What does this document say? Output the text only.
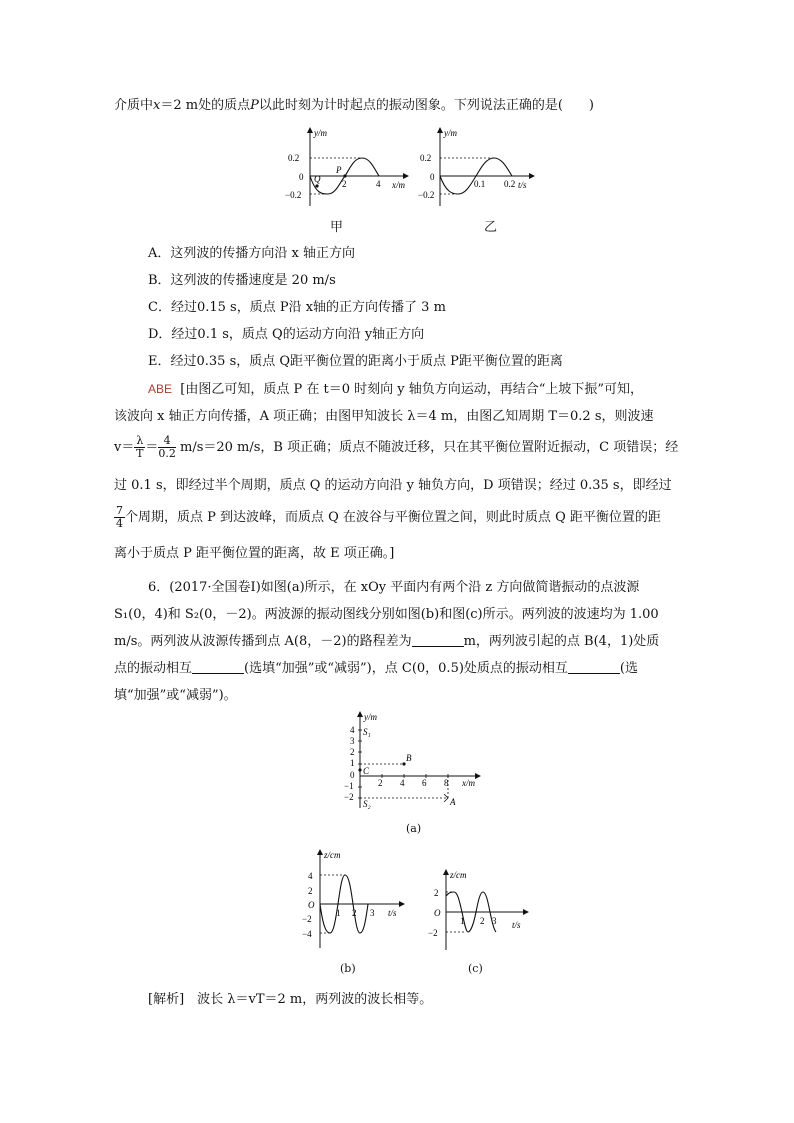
介质中x＝2 m处的质点P以此时刻为计时起点的振动图象。下列说法正确的是(　　)
y/m
x/m
0.2
0
−0.2
2	4
Q
P
甲
y/m
t/s
0.2
0
−0.2
0.1 0.2
乙
A．这列波的传播方向沿 x 轴正方向
B．这列波的传播速度是 20 m/s
C．经过0.15 s，质点 P沿 x轴的正方向传播了 3 m
D．经过0.1 s，质点 Q的运动方向沿 y轴正方向
E．经过0.35 s，质点 Q距平衡位置的距离小于质点 P距平衡位置的距离
ABE [由图乙可知，质点 P 在 t＝0 时刻向 y 轴负方向运动，再结合“上坡下振”可知，
该波向 x 轴正方向传播，A 项正确；由图甲知波长 λ＝4 m，由图乙知周期 T＝0.2 s，则波速
$v= \frac{\lambda}{T} = \frac{4}{0.2} m/s=20$ m/s，B 项正确；质点不随波迁移，只在其平衡位置附近振动，C 项错误；经
过 0.1 s，即经过半个周期，质点 Q 的运动方向沿 y 轴负方向，D 项错误；经过 0.35 s，即经过
$\frac{7}{4}$ 个周期，质点 P 到达波峰，而质点 Q 在波谷与平衡位置之间，则此时质点 Q 距平衡位置的距
离小于质点 P 距平衡位置的距离，故 E 项正确。]
6．(2017·全国卷Ⅰ)如图(a)所示，在 xOy 平面内有两个沿 z 方向做简谐振动的点波源
S₁(0，4)和 S₂(0，－2)。两波源的振动图线分别如图(b)和图(c)所示。两列波的波速均为 1.00
m/s。两列波从波源传播到点 A(8，－2)的路程差为	m，两列波引起的点 B(4，1)处质
点的振动相互	(选填“加强”或“减弱”)，点 C(0，0.5)处质点的振动相互	(选
填“加强”或“减弱”)。
y/m
x/m
4
3
2
1
0
−1
−2
2 4 6 8
S₁
S₂
B
C
A
(a)
z/cm
t/s
4
2
O
−2
−4
1 2 3
(b)
z/cm
t/s
2
O
−2
1 2 3
(c)
[解析]　波长 λ＝vT＝2 m，两列波的波长相等。
